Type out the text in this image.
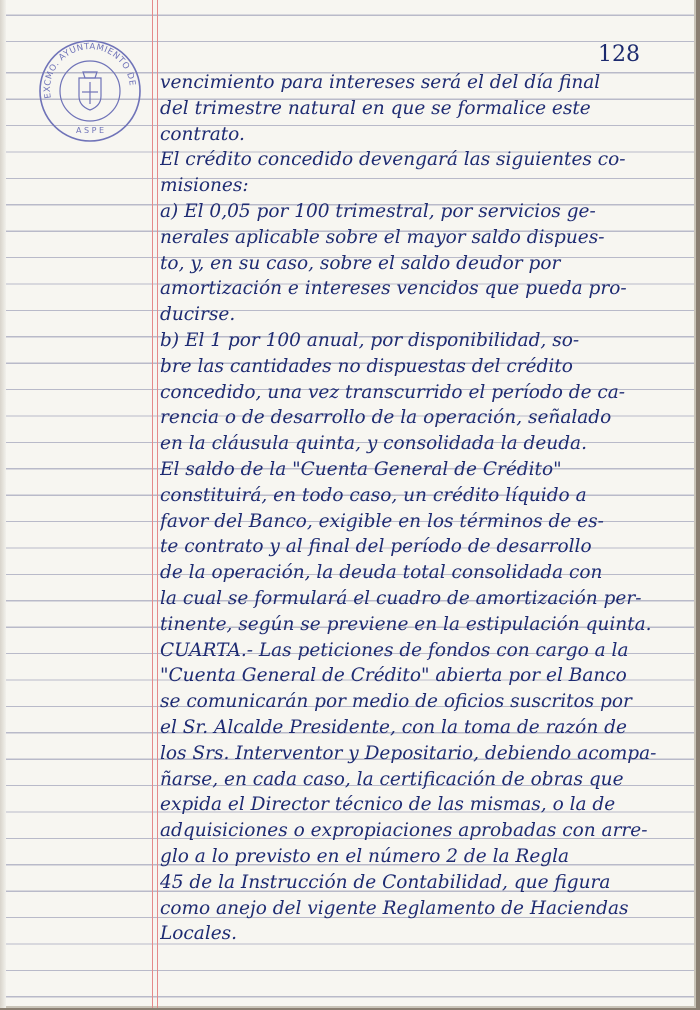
128
EXCMO. AYUNTAMIENTO DE
A S P E
vencimiento para intereses será el del día final
del trimestre natural en que se formalice este
contrato.
El crédito concedido devengará las siguientes co-
misiones:
a) El 0,05 por 100 trimestral, por servicios ge-
nerales aplicable sobre el mayor saldo dispues-
to, y, en su caso, sobre el saldo deudor por
amortización e intereses vencidos que pueda pro-
ducirse.
b) El 1 por 100 anual, por disponibilidad, so-
bre las cantidades no dispuestas del crédito
concedido, una vez transcurrido el período de ca-
rencia o de desarrollo de la operación, señalado
en la cláusula quinta, y consolidada la deuda.
El saldo de la "Cuenta General de Crédito"
constituirá, en todo caso, un crédito líquido a
favor del Banco, exigible en los términos de es-
te contrato y al final del período de desarrollo
de la operación, la deuda total consolidada con
la cual se formulará el cuadro de amortización per-
tinente, según se previene en la estipulación quinta.
CUARTA.- Las peticiones de fondos con cargo a la
"Cuenta General de Crédito" abierta por el Banco
se comunicarán por medio de oficios suscritos por
el Sr. Alcalde Presidente, con la toma de razón de
los Srs. Interventor y Depositario, debiendo acompa-
ñarse, en cada caso, la certificación de obras que
expida el Director técnico de las mismas, o la de
adquisiciones o expropiaciones aprobadas con arre-
glo a lo previsto en el número 2 de la Regla
45 de la Instrucción de Contabilidad, que figura
como anejo del vigente Reglamento de Haciendas
Locales.
